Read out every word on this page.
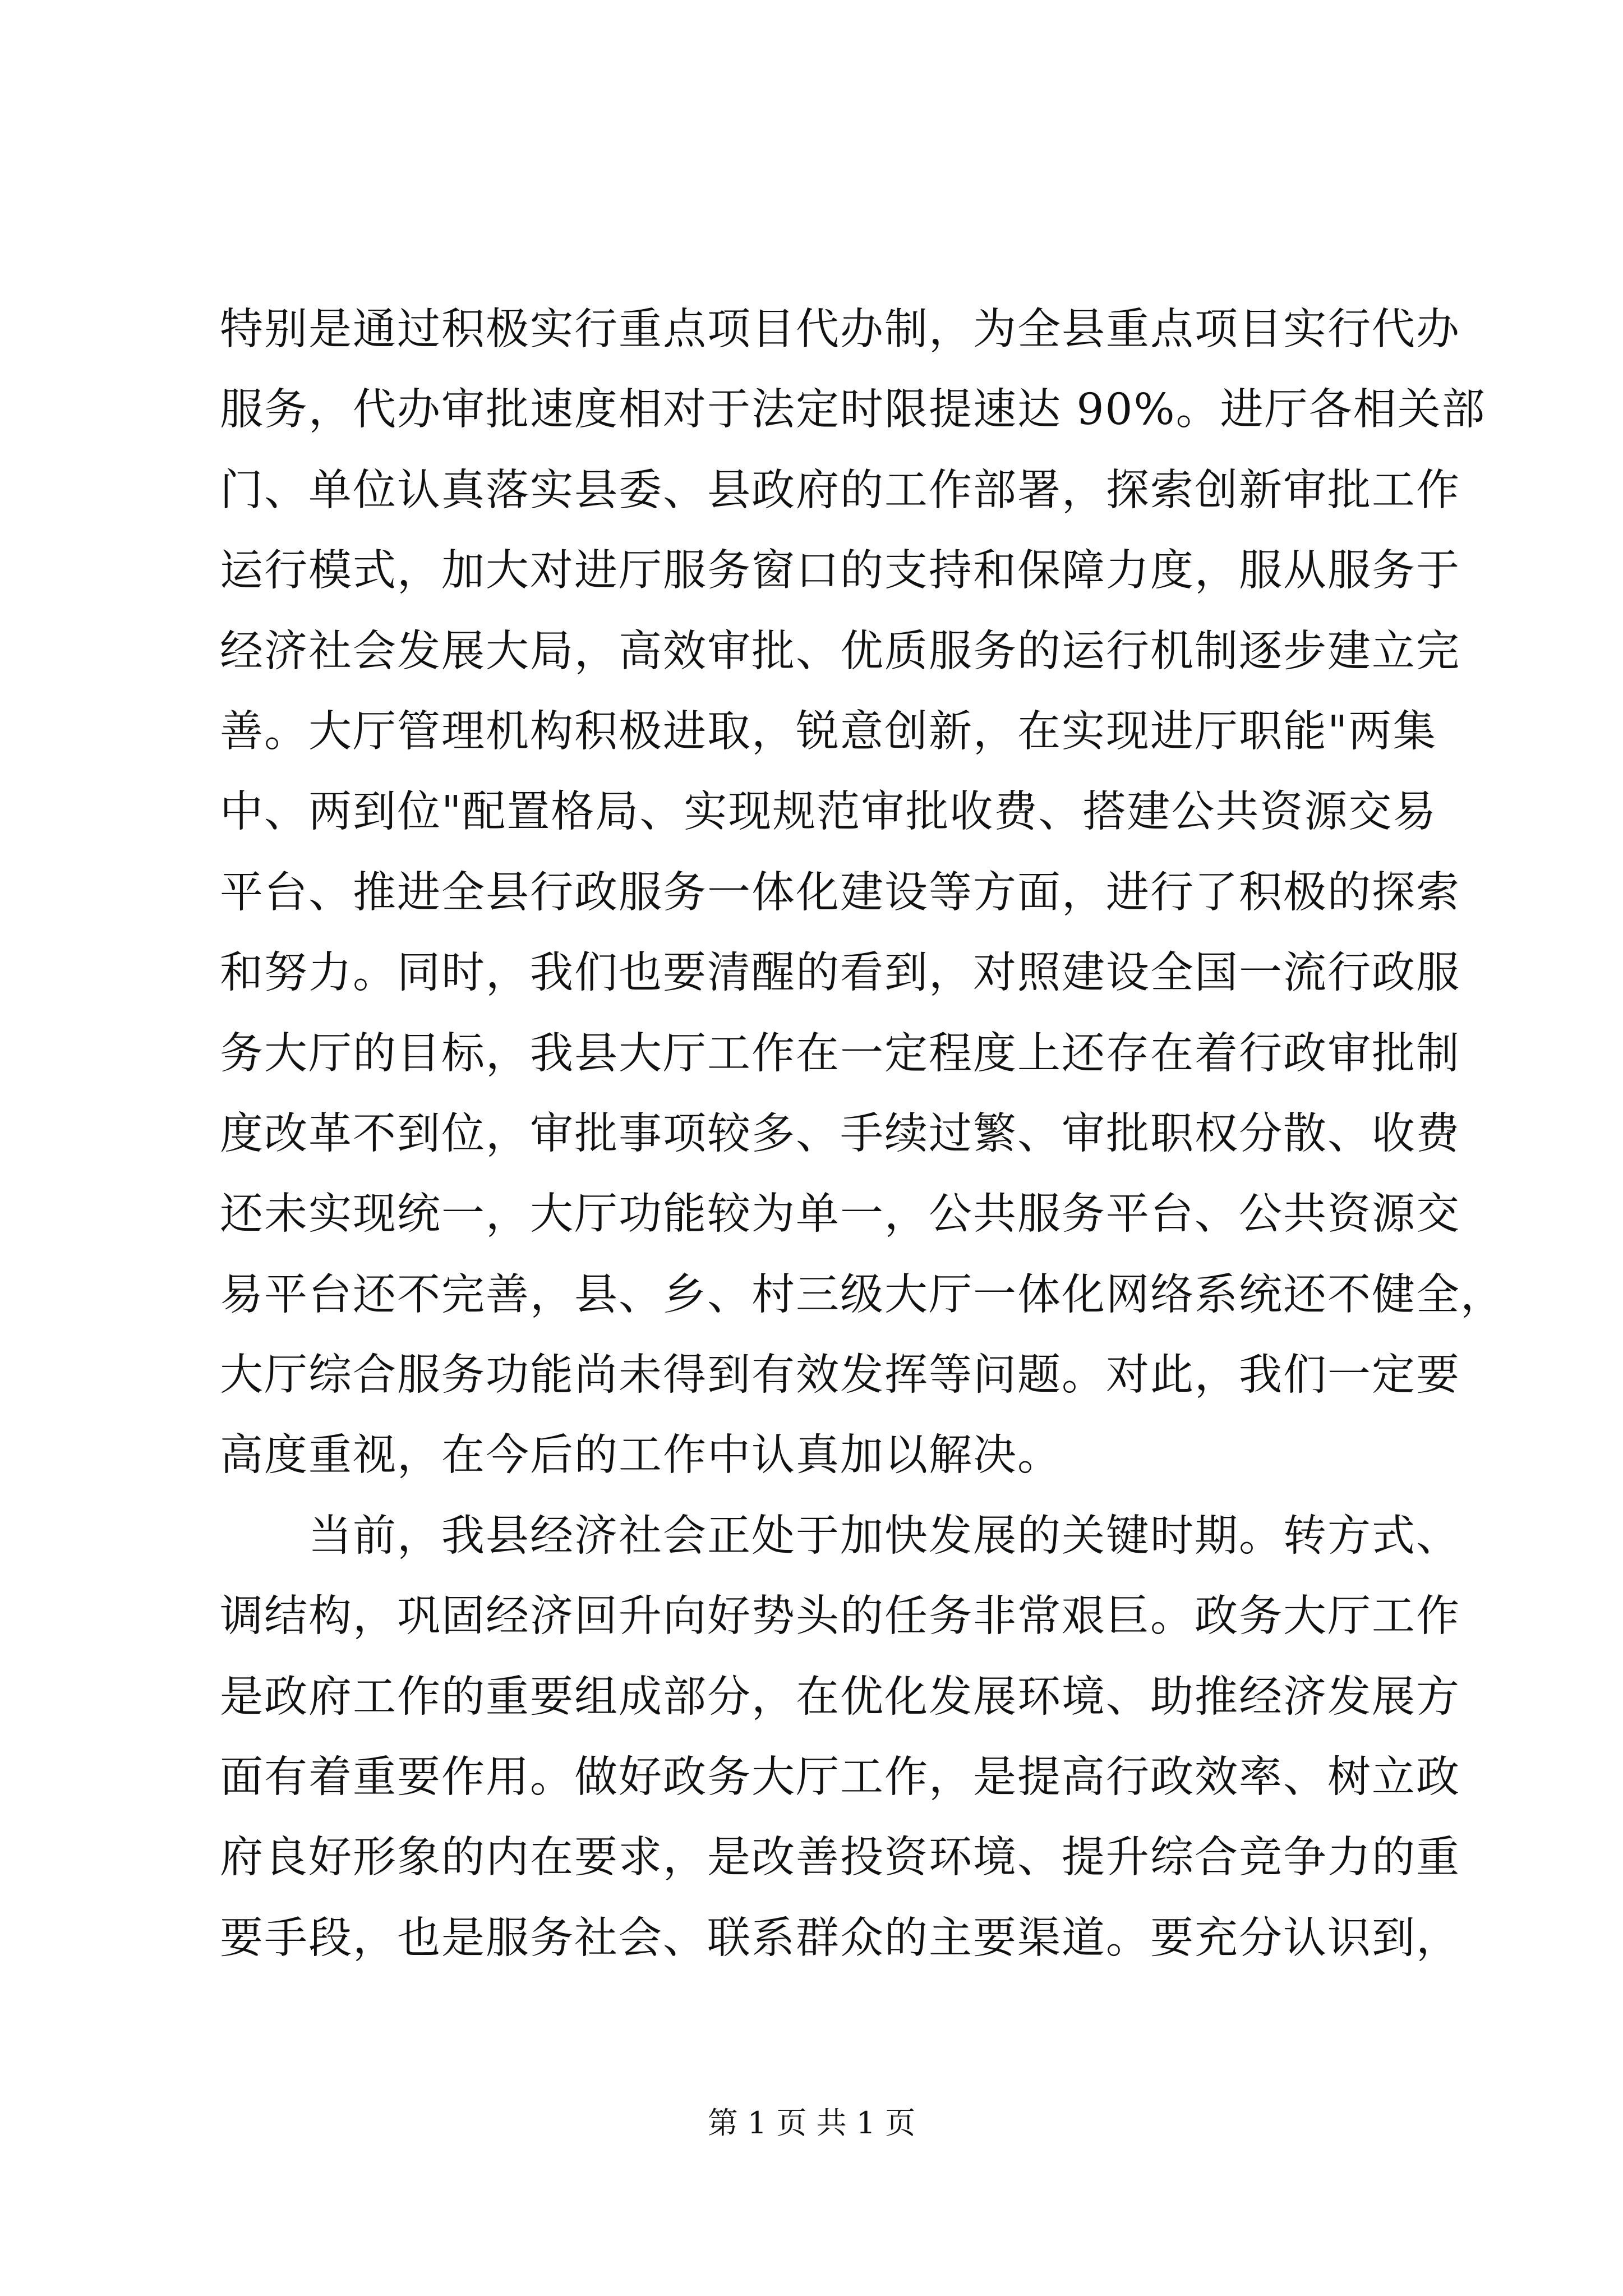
特别是通过积极实行重点项目代办制，为全县重点项目实行代办
服务，代办审批速度相对于法定时限提速达 90%。进厅各相关部
门、单位认真落实县委、县政府的工作部署，探索创新审批工作
运行模式，加大对进厅服务窗口的支持和保障力度，服从服务于
经济社会发展大局，高效审批、优质服务的运行机制逐步建立完
善。大厅管理机构积极进取，锐意创新，在实现进厅职能"两集
中、两到位"配置格局、实现规范审批收费、搭建公共资源交易
平台、推进全县行政服务一体化建设等方面，进行了积极的探索
和努力。同时，我们也要清醒的看到，对照建设全国一流行政服
务大厅的目标，我县大厅工作在一定程度上还存在着行政审批制
度改革不到位，审批事项较多、手续过繁、审批职权分散、收费
还未实现统一，大厅功能较为单一，公共服务平台、公共资源交
易平台还不完善，县、乡、村三级大厅一体化网络系统还不健全，
大厅综合服务功能尚未得到有效发挥等问题。对此，我们一定要
高度重视，在今后的工作中认真加以解决。
　　当前，我县经济社会正处于加快发展的关键时期。转方式、
调结构，巩固经济回升向好势头的任务非常艰巨。政务大厅工作
是政府工作的重要组成部分，在优化发展环境、助推经济发展方
面有着重要作用。做好政务大厅工作，是提高行政效率、树立政
府良好形象的内在要求，是改善投资环境、提升综合竞争力的重
要手段，也是服务社会、联系群众的主要渠道。要充分认识到，
第 1 页 共 1 页
